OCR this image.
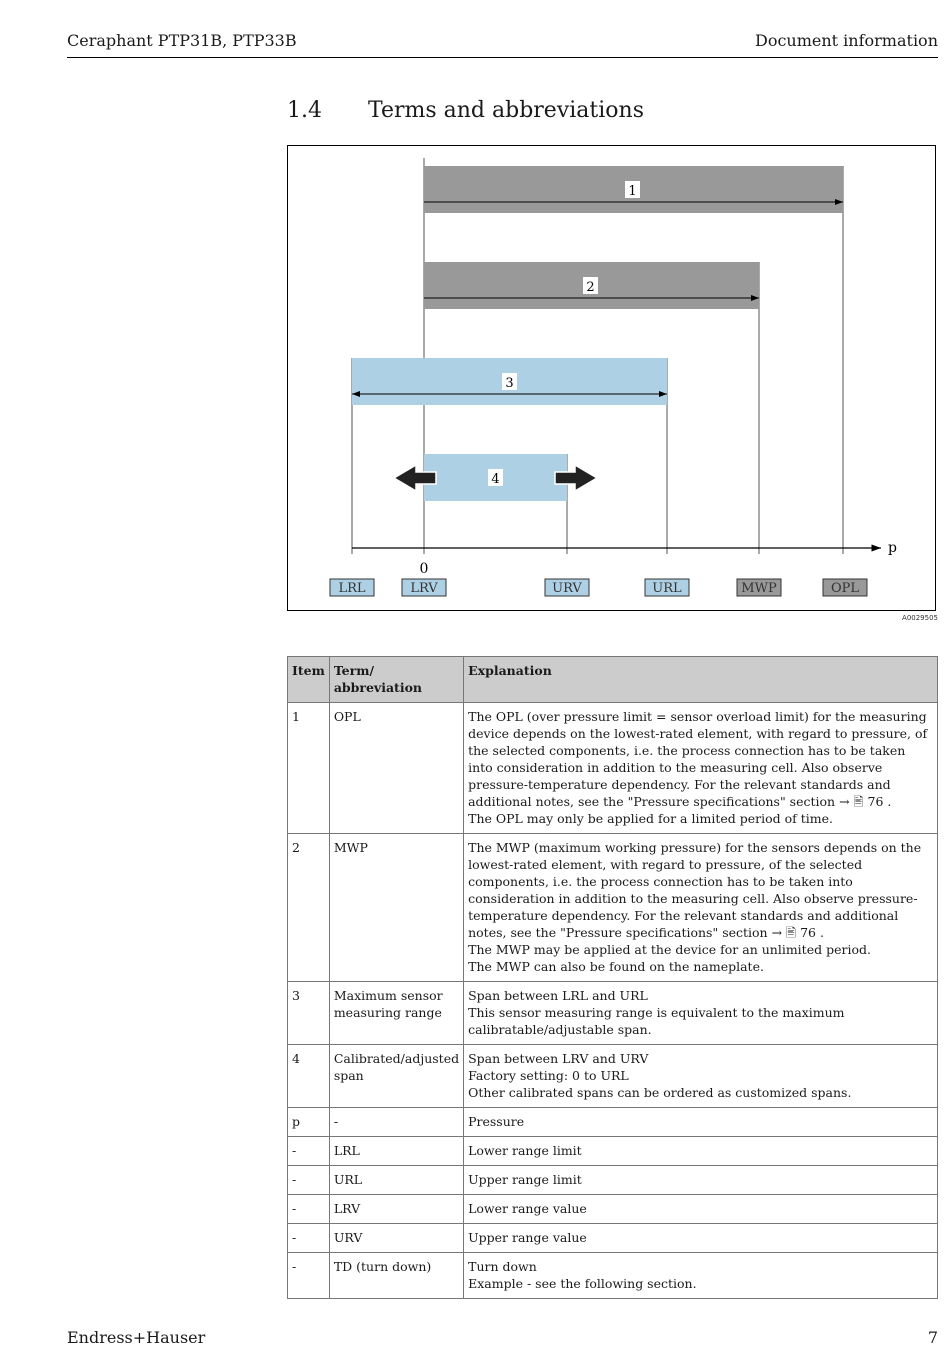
Ceraphant PTP31B, PTP33B	Document information
1.4 Terms and abbreviations
1
2
3
4
p
0
LRL	LRV	URV	URL	MWP	OPL
A0029505
Item	Term/ abbreviation	Explanation
1	OPL	The OPL (over pressure limit = sensor overload limit) for the measuring device depends on the lowest-rated element, with regard to pressure, of the selected components, i.e. the process connection has to be taken into consideration in addition to the measuring cell. Also observe pressure-temperature dependency. For the relevant standards and additional notes, see the "Pressure specifications" section → 🖹 76 .
The OPL may only be applied for a limited period of time.

2	MWP	The MWP (maximum working pressure) for the sensors depends on the lowest-rated element, with regard to pressure, of the selected components, i.e. the process connection has to be taken into consideration in addition to the measuring cell. Also observe pressure-temperature dependency. For the relevant standards and additional notes, see the "Pressure specifications" section → 🖹 76 .
The MWP may be applied at the device for an unlimited period.
The MWP can also be found on the nameplate.

3	Maximum sensor measuring range	Span between LRL and URL
This sensor measuring range is equivalent to the maximum calibratable/adjustable span.

4	Calibrated/adjusted span	Span between LRV and URV
Factory setting: 0 to URL
Other calibrated spans can be ordered as customized spans.

p	-	Pressure
-	LRL	Lower range limit
-	URL	Upper range limit
-	LRV	Lower range value
-	URV	Upper range value
-	TD (turn down)	Turn down
Example - see the following section.
Endress+Hauser	7
